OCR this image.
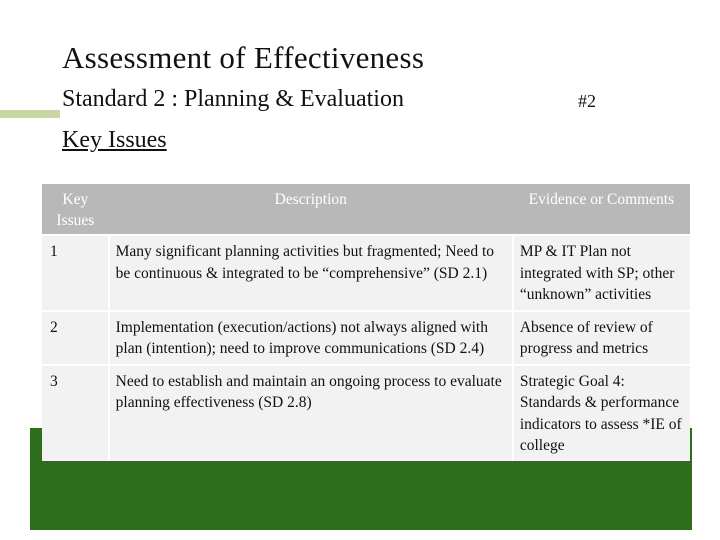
Assessment of Effectiveness
Standard 2 : Planning & Evaluation	#2
Key Issues
Key Issues	Description	Evidence or Comments
1	Many significant planning activities but fragmented; Need to be continuous & integrated to be “comprehensive” (SD 2.1)	MP & IT Plan not integrated with SP; other “unknown” activities
2	Implementation (execution/actions) not always aligned with plan (intention); need to improve communications (SD 2.4)	Absence of review of progress and metrics
3	Need to establish and maintain an ongoing process to evaluate planning effectiveness (SD 2.8)	Strategic Goal 4: Standards & performance indicators to assess *IE of college
